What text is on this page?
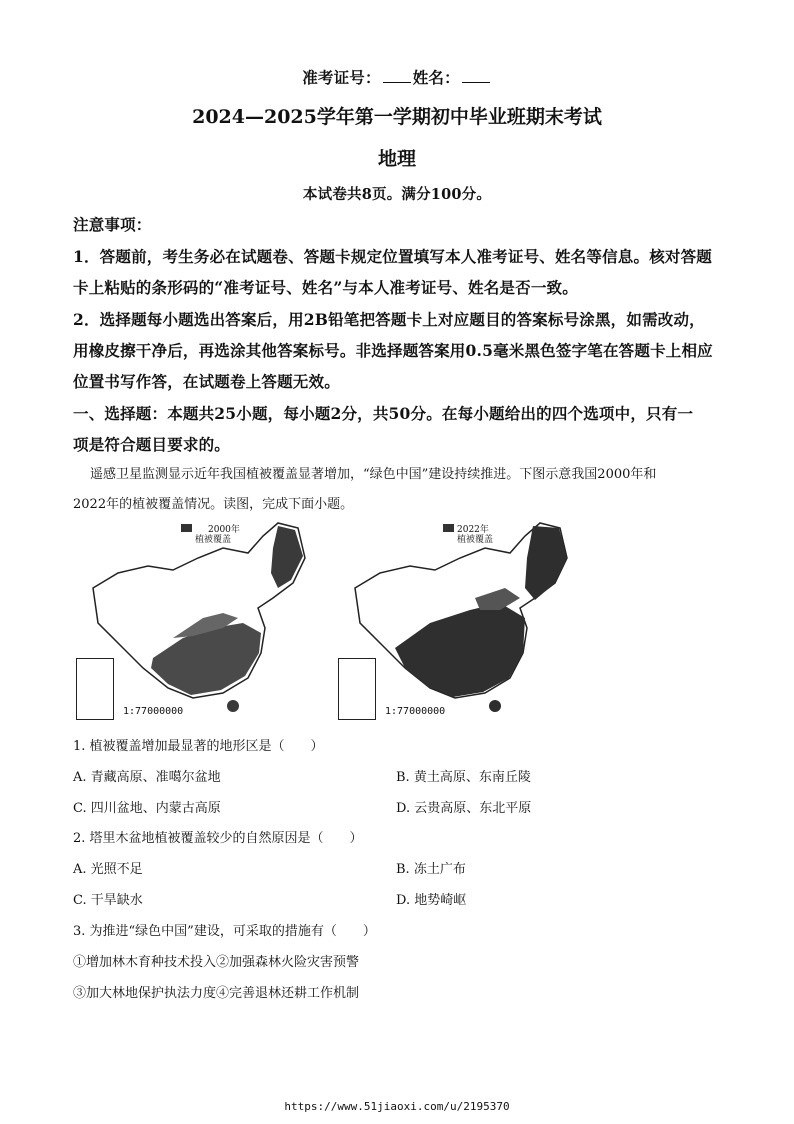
准考证号： 姓名：
2024—2025学年第一学期初中毕业班期末考试
地理
本试卷共8页。满分100分。
注意事项：
1．答题前，考生务必在试题卷、答题卡规定位置填写本人准考证号、姓名等信息。核对答题
卡上粘贴的条形码的“准考证号、姓名”与本人准考证号、姓名是否一致。
2．选择题每小题选出答案后，用2B铅笔把答题卡上对应题目的答案标号涂黑，如需改动，
用橡皮擦干净后，再选涂其他答案标号。非选择题答案用0.5毫米黑色签字笔在答题卡上相应
位置书写作答，在试题卷上答题无效。
一、选择题：本题共25小题，每小题2分，共50分。在每小题给出的四个选项中，只有一
项是符合题目要求的。
遥感卫星监测显示近年我国植被覆盖显著增加，“绿色中国”建设持续推进。下图示意我国2000年和
2022年的植被覆盖情况。读图，完成下面小题。
2000年
植被覆盖
1:77000000
2022年
植被覆盖
1:77000000
1. 植被覆盖增加最显著的地形区是（　　）
A. 青藏高原、准噶尔盆地	B. 黄土高原、东南丘陵
C. 四川盆地、内蒙古高原	D. 云贵高原、东北平原
2. 塔里木盆地植被覆盖较少的自然原因是（　　）
A. 光照不足	B. 冻土广布
C. 干旱缺水	D. 地势崎岖
3. 为推进“绿色中国”建设，可采取的措施有（　　）
①增加林木育种技术投入②加强森林火险灾害预警
③加大林地保护执法力度④完善退林还耕工作机制
https://www.51jiaoxi.com/u/2195370
